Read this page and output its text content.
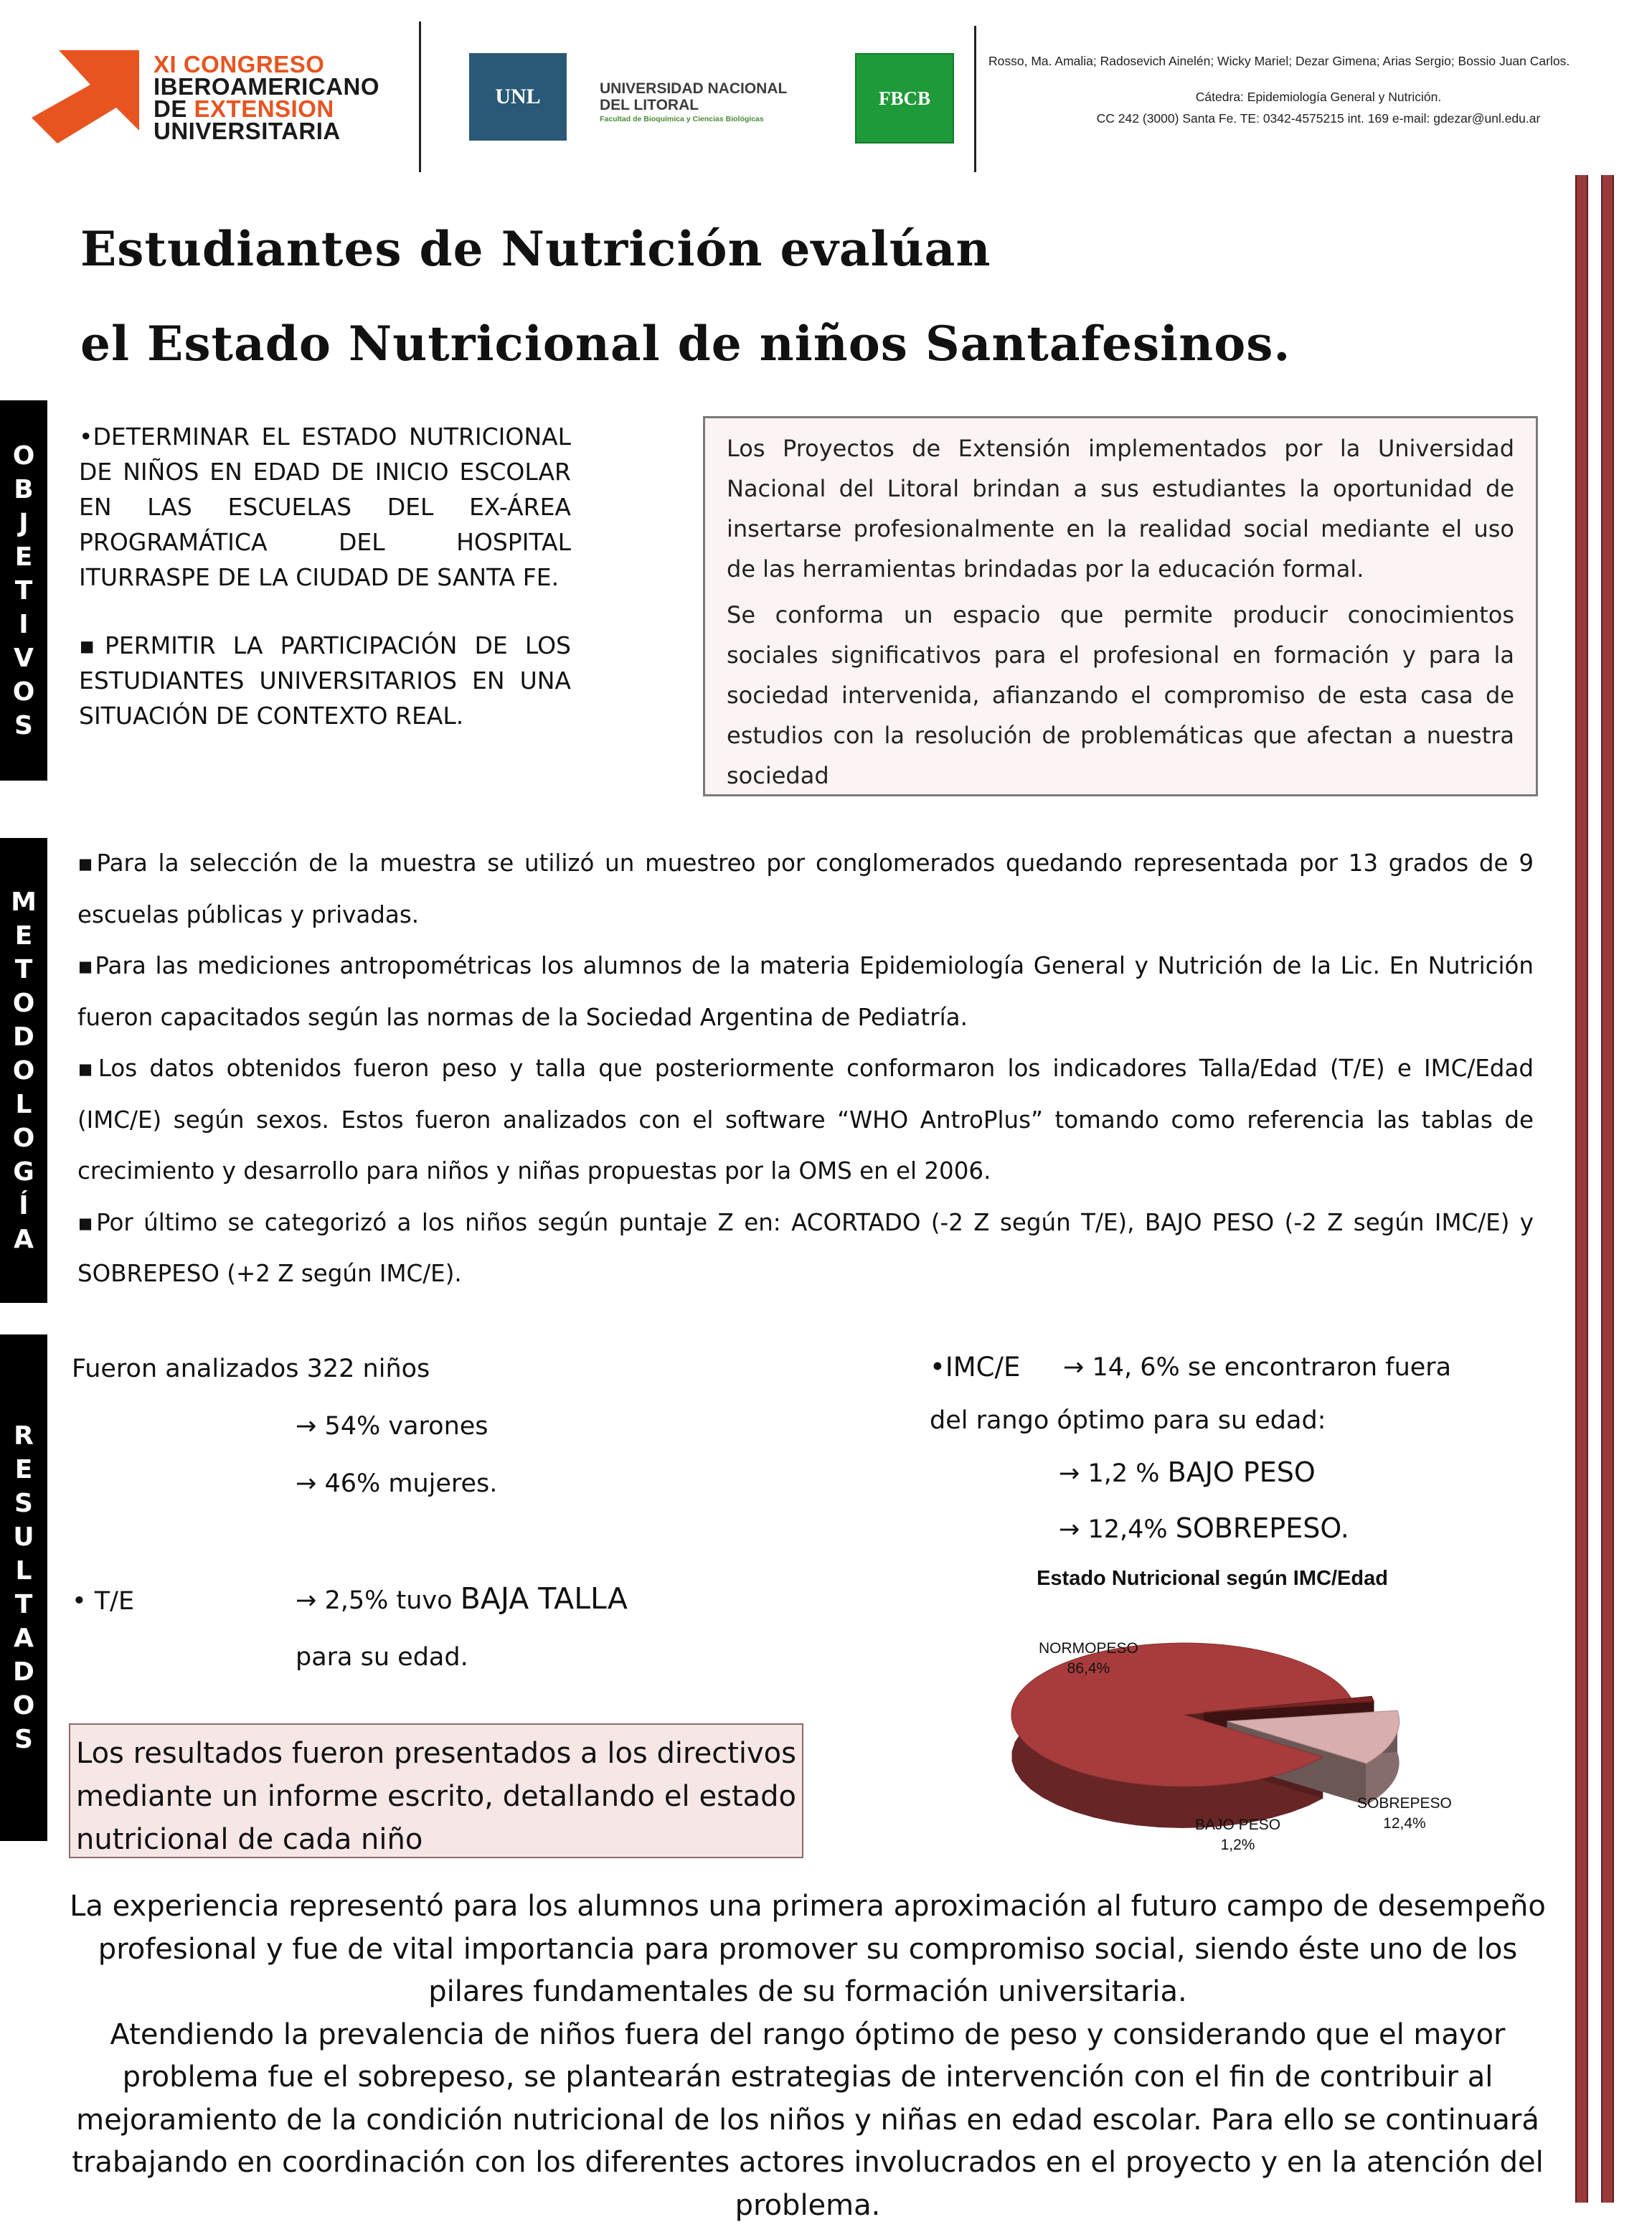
XI CONGRESO
IBEROAMERICANO
DE EXTENSION
UNIVERSITARIA
UNL	UNIVERSIDAD NACIONAL
DEL LITORAL
Facultad de Bioquímica y Ciencias Biológicas
FBCB
Rosso, Ma. Amalia; Radosevich Ainelén; Wicky Mariel; Dezar Gimena; Arias Sergio; Bossio Juan Carlos.
Cátedra: Epidemiología General y Nutrición.
CC 242 (3000) Santa Fe. TE: 0342-4575215 int. 169 e-mail: gdezar@unl.edu.ar
Estudiantes de Nutrición evalúan
el Estado Nutricional de niños Santafesinos.
O
B
J
E
T
I
V
O
S
M
E
T
O
D
O
L
O
G
Í
A
R
E
S
U
L
T
A
D
O
S

•DETERMINAR EL ESTADO NUTRICIONAL DE NIÑOS EN EDAD DE INICIO ESCOLAR EN LAS ESCUELAS DEL EX-ÁREA PROGRAMÁTICA DEL HOSPITAL ITURRASPE DE LA CIUDAD DE SANTA FE.

▪PERMITIR LA PARTICIPACIÓN DE LOS ESTUDIANTES UNIVERSITARIOS EN UNA SITUACIÓN DE CONTEXTO REAL.

Los Proyectos de Extensión implementados por la Universidad Nacional del Litoral brindan a sus estudiantes la oportunidad de insertarse profesionalmente en la realidad social mediante el uso de las herramientas brindadas por la educación formal.

Se conforma un espacio que permite producir conocimientos sociales significativos para el profesional en formación y para la sociedad intervenida, afianzando el compromiso de esta casa de estudios con la resolución de problemáticas que afectan a nuestra sociedad

▪Para la selección de la muestra se utilizó un muestreo por conglomerados quedando representada por 13 grados de 9 escuelas públicas y privadas.

▪Para las mediciones antropométricas los alumnos de la materia Epidemiología General y Nutrición de la Lic. En Nutrición fueron capacitados según las normas de la Sociedad Argentina de Pediatría.

▪Los datos obtenidos fueron peso y talla que posteriormente conformaron los indicadores Talla/Edad (T/E) e IMC/Edad (IMC/E) según sexos. Estos fueron analizados con el software “WHO AntroPlus” tomando como referencia las tablas de crecimiento y desarrollo para niños y niñas propuestas por la OMS en el 2006.

▪Por último se categorizó a los niños según puntaje Z en: ACORTADO (-2 Z según T/E), BAJO PESO (-2 Z según IMC/E) y SOBREPESO (+2 Z según IMC/E).

Fueron analizados 322 niños
→ 54% varones
→ 46% mujeres.
• T/E	→ 2,5% tuvo BAJA TALLA
para su edad.
Los resultados fueron presentados a los directivos mediante un informe escrito, detallando el estado nutricional de cada niño
•IMC/E → 14, 6% se encontraron fuera
del rango óptimo para su edad:
→ 1,2 % BAJO PESO
→ 12,4% SOBREPESO.
Estado Nutricional según IMC/Edad
NORMOPESO
86,4%
BAJO PESO
1,2%
SOBREPESO
12,4%

La experiencia representó para los alumnos una primera aproximación al futuro campo de desempeño profesional y fue de vital importancia para promover su compromiso social, siendo éste uno de los pilares fundamentales de su formación universitaria.

Atendiendo la prevalencia de niños fuera del rango óptimo de peso y considerando que el mayor problema fue el sobrepeso, se plantearán estrategias de intervención con el fin de contribuir al mejoramiento de la condición nutricional de los niños y niñas en edad escolar. Para ello se continuará trabajando en coordinación con los diferentes actores involucrados en el proyecto y en la atención del problema.
